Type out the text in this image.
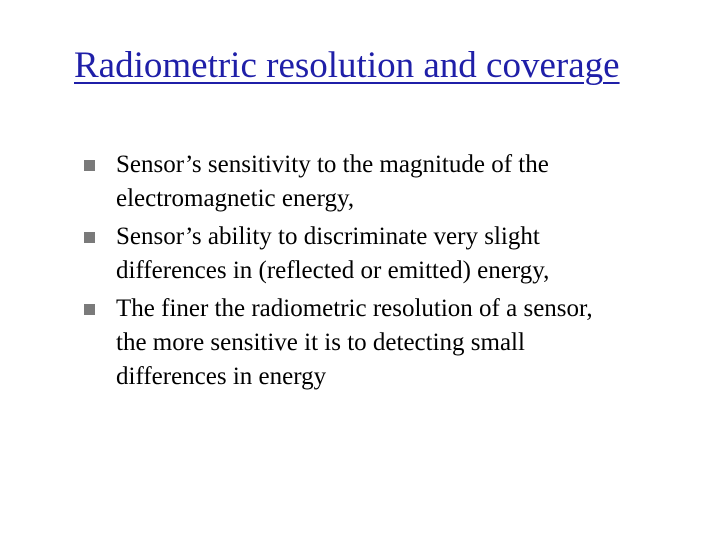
Radiometric resolution and coverage
Sensor’s sensitivity to the magnitude of the
electromagnetic energy,
Sensor’s ability to discriminate very slight
differences in (reflected or emitted) energy,
The finer the radiometric resolution of a sensor,
the more sensitive it is to detecting small
differences in energy
